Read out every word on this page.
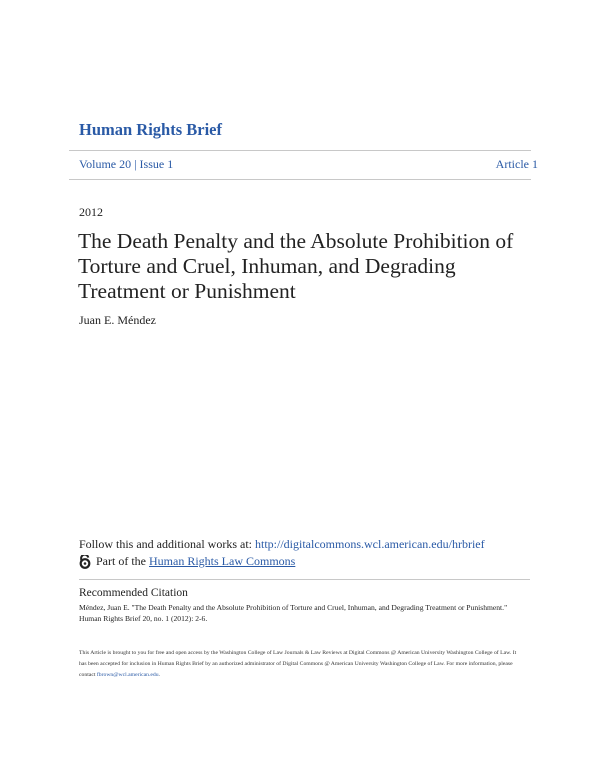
Human Rights Brief
Volume 20 | Issue 1	Article 1
2012
The Death Penalty and the Absolute Prohibition of Torture and Cruel, Inhuman, and Degrading Treatment or Punishment
Juan E. Méndez
Follow this and additional works at: http://digitalcommons.wcl.american.edu/hrbrief
Part of the
Human Rights Law Commons
Recommended Citation
Méndez, Juan E. "The Death Penalty and the Absolute Prohibition of Torture and Cruel, Inhuman, and Degrading Treatment or Punishment." Human Rights Brief 20, no. 1 (2012): 2-6.
This Article is brought to you for free and open access by the Washington College of Law Journals & Law Reviews at Digital Commons @ American University Washington College of Law. It has been accepted for inclusion in Human Rights Brief by an authorized administrator of Digital Commons @ American University Washington College of Law. For more information, please contact fbrown@wcl.american.edu.
